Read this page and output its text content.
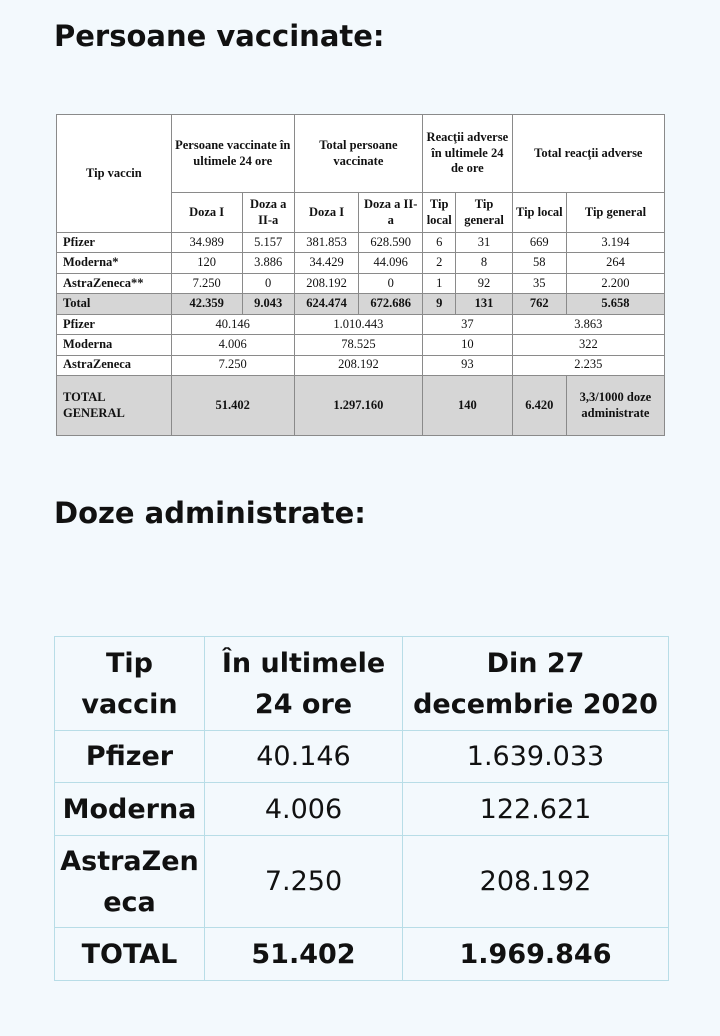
Persoane vaccinate:
Tip vaccin	Persoane vaccinate în ultimele 24 ore		Total persoane vaccinate		Reacţii adverse în ultimele 24 de ore		Total reacţii adverse	
	Doza I	Doza a II-a	Doza I	Doza a II-a	Tip local	Tip general	Tip local	Tip general
Pfizer	34.989	5.157	381.853	628.590	6	31	669	3.194
Moderna*	120	3.886	34.429	44.096	2	8	58	264
AstraZeneca**	7.250	0	208.192	0	1	92	35	2.200
Total	42.359	9.043	624.474	672.686	9	131	762	5.658
Pfizer	40.146		1.010.443		37		3.863	
Moderna	4.006		78.525		10		322	
AstraZeneca	7.250		208.192		93		2.235	
TOTAL GENERAL	51.402		1.297.160		140		6.420	3,3/1000 doze administrate
Doze administrate:
Tip vaccin	În ultimele 24 ore	Din 27 decembrie 2020
Pfizer	40.146	1.639.033
Moderna	4.006	122.621
AstraZeneca	7.250	208.192
TOTAL	51.402	1.969.846
